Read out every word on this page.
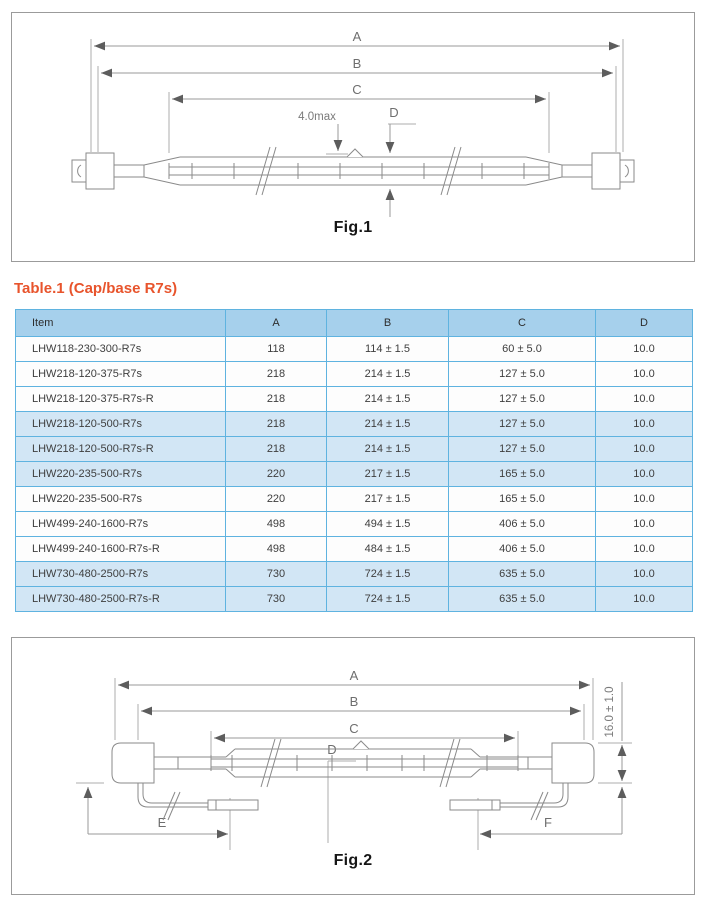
A
B
C
4.0max	D
Fig.1
Table.1 (Cap/base R7s)
Item	A	B	C	D
LHW118-230-300-R7s	118	114 ± 1.5	60 ± 5.0	10.0
LHW218-120-375-R7s	218	214 ± 1.5	127 ± 5.0	10.0
LHW218-120-375-R7s-R	218	214 ± 1.5	127 ± 5.0	10.0
LHW218-120-500-R7s	218	214 ± 1.5	127 ± 5.0	10.0
LHW218-120-500-R7s-R	218	214 ± 1.5	127 ± 5.0	10.0
LHW220-235-500-R7s	220	217 ± 1.5	165 ± 5.0	10.0
LHW220-235-500-R7s	220	217 ± 1.5	165 ± 5.0	10.0
LHW499-240-1600-R7s	498	494 ± 1.5	406 ± 5.0	10.0
LHW499-240-1600-R7s-R	498	484 ± 1.5	406 ± 5.0	10.0
LHW730-480-2500-R7s	730	724 ± 1.5	635 ± 5.0	10.0
LHW730-480-2500-R7s-R	730	724 ± 1.5	635 ± 5.0	10.0
A
B
C
D
E	F
16.0 ± 1.0
Fig.2
